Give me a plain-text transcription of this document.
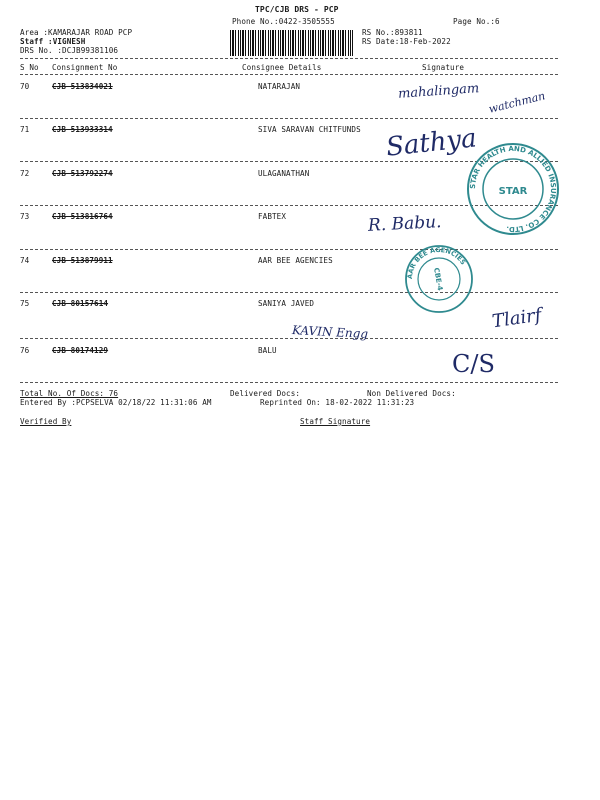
TPC/CJB DRS - PCP
Phone No.:0422-3505555	Page No.:6
Area :KAMARAJAR ROAD PCP
Staff :VIGNESH
DRS No. :DCJB99381106
RS No.:893811
RS Date:18-Feb-2022
S No Consignment No	Consignee Details	Signature
70	CJB 513834021	NATARAJAN
71	CJB 513933314	SIVA SARAVAN CHITFUNDS
72	CJB 513792274	ULAGANATHAN
73	CJB 513816764	FABTEX
74	CJB 513879911	AAR BEE AGENCIES
75	CJB 80157614	SANIYA JAVED
76	CJB 80174129	BALU
Total No. Of Docs: 76	Delivered Docs:	Non Delivered Docs:
Entered By :PCPSELVA 02/18/22 11:31:06 AM	Reprinted On: 18-02-2022 11:31:23
Verified By	Staff Signature
mahalingam watchman
Sathya
R. Babu.
KAVIN Engg	Tlairf
C/S
STAR HEALTH AND ALLIED INSURANCE CO. LTD.
STAR
AAR BEE AGENCIES
CBE-4
